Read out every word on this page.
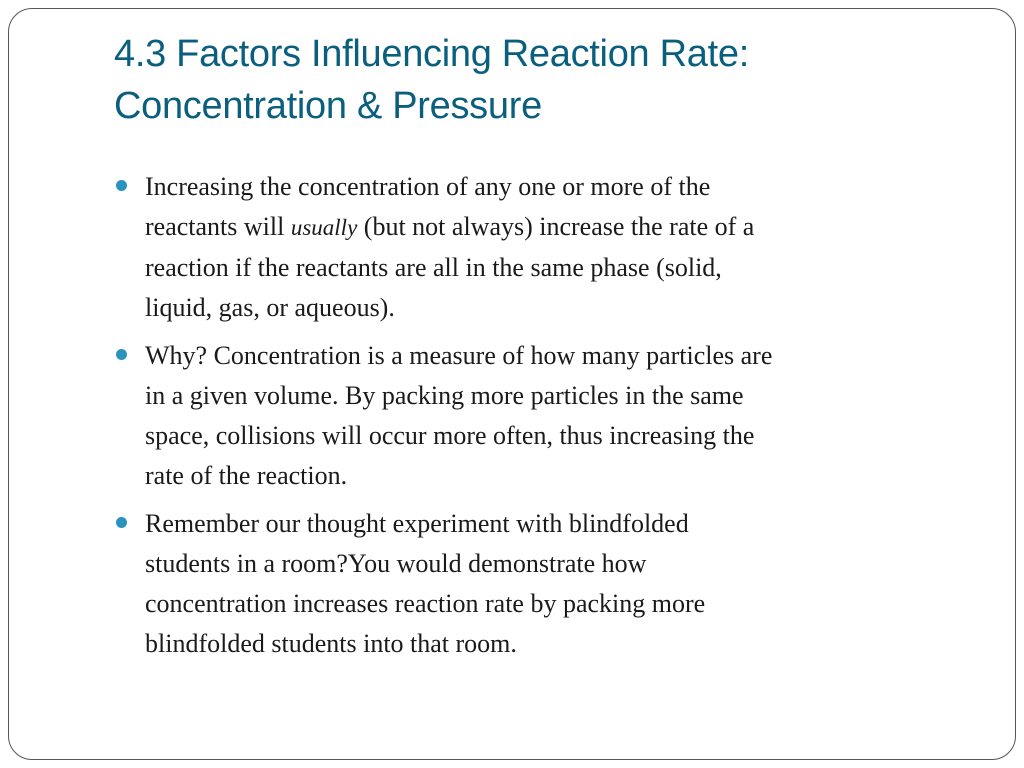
4.3 Factors Influencing Reaction Rate:
Concentration & Pressure
Increasing the concentration of any one or more of the
reactants will usually (but not always) increase the rate of a
reaction if the reactants are all in the same phase (solid,
liquid, gas, or aqueous).
Why? Concentration is a measure of how many particles are
in a given volume. By packing more particles in the same
space, collisions will occur more often, thus increasing the
rate of the reaction.
Remember our thought experiment with blindfolded
students in a room?You would demonstrate how
concentration increases reaction rate by packing more
blindfolded students into that room.
